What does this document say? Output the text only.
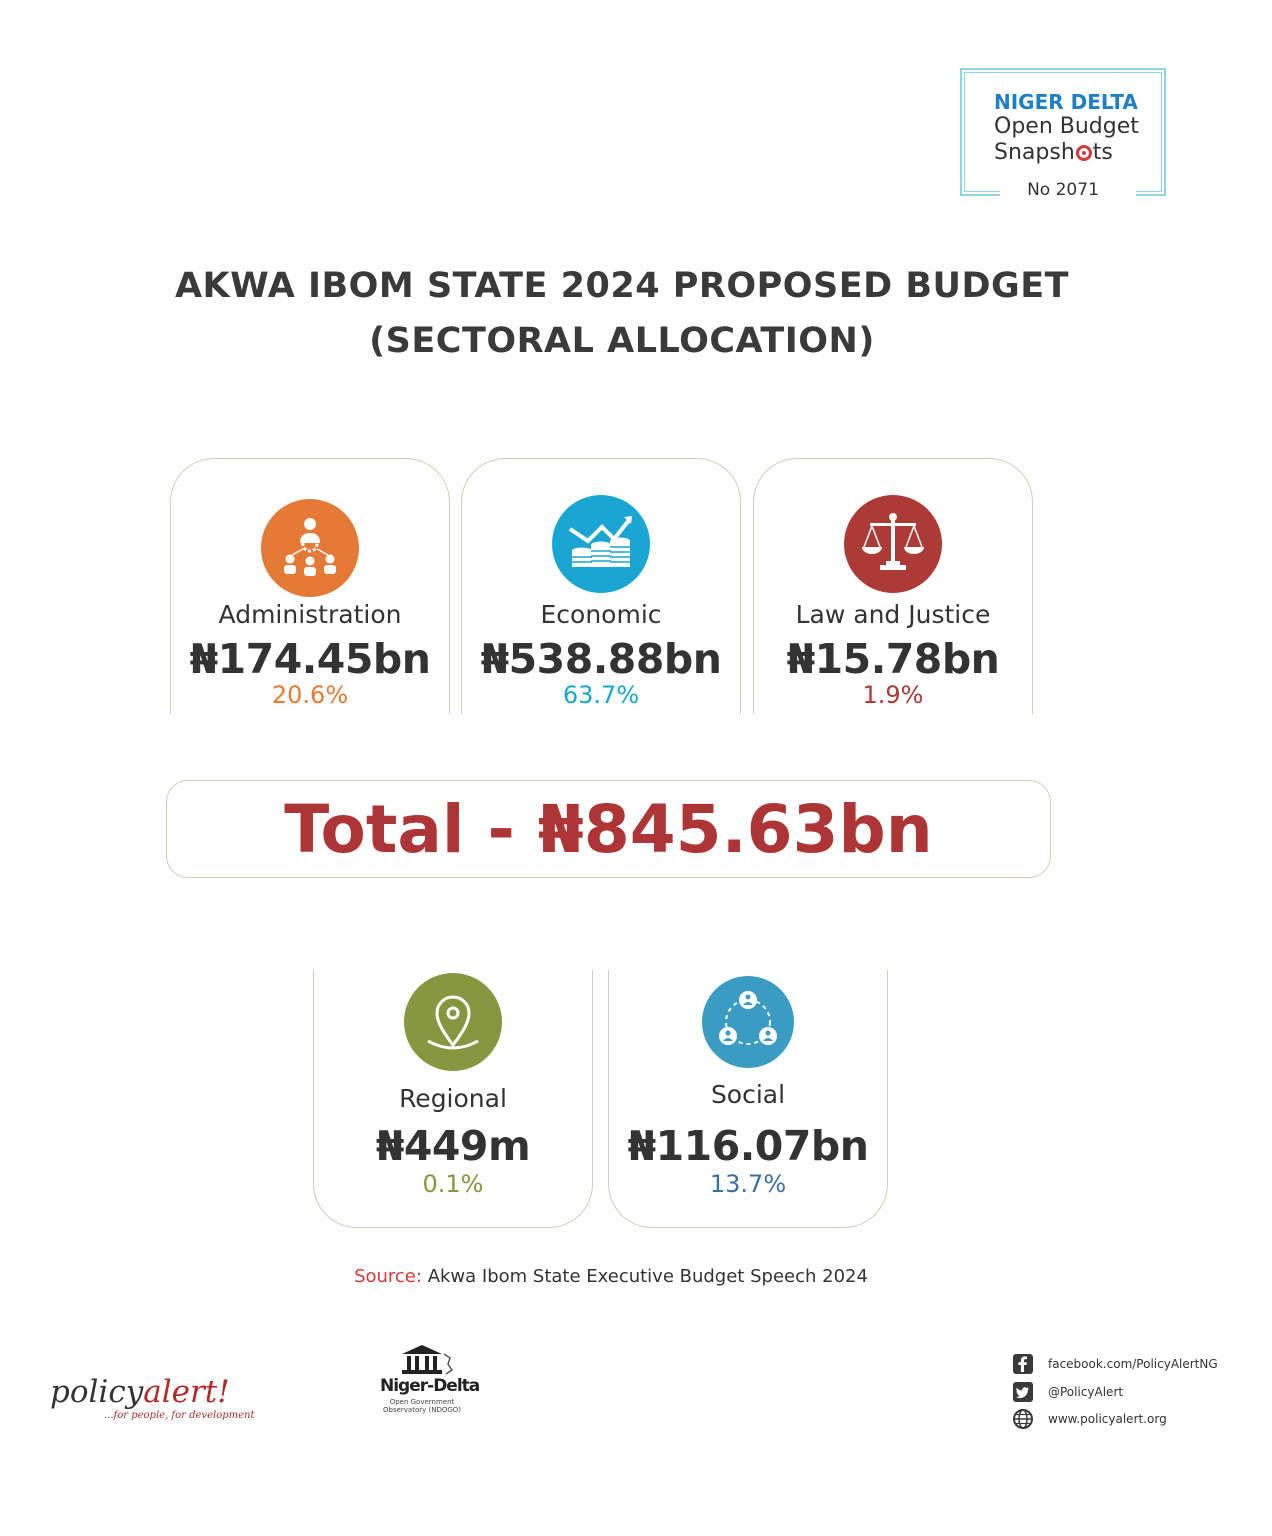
NIGER DELTA
Open Budget
Snapsh ts
No 2071
AKWA IBOM STATE 2024 PROPOSED BUDGET
(SECTORAL ALLOCATION)
Administration
₦174.45bn
20.6%
Economic
₦538.88bn
63.7%
Law and Justice
₦15.78bn
1.9%
Total - ₦845.63bn
Regional
₦449m
0.1%
Social
₦116.07bn
13.7%
Source: Akwa Ibom State Executive Budget Speech 2024
policyalert!
...for people, for development
Niger-Delta
Open Government Observatory (NDOGO)
facebook.com/PolicyAlertNG
@PolicyAlert
www.policyalert.org
